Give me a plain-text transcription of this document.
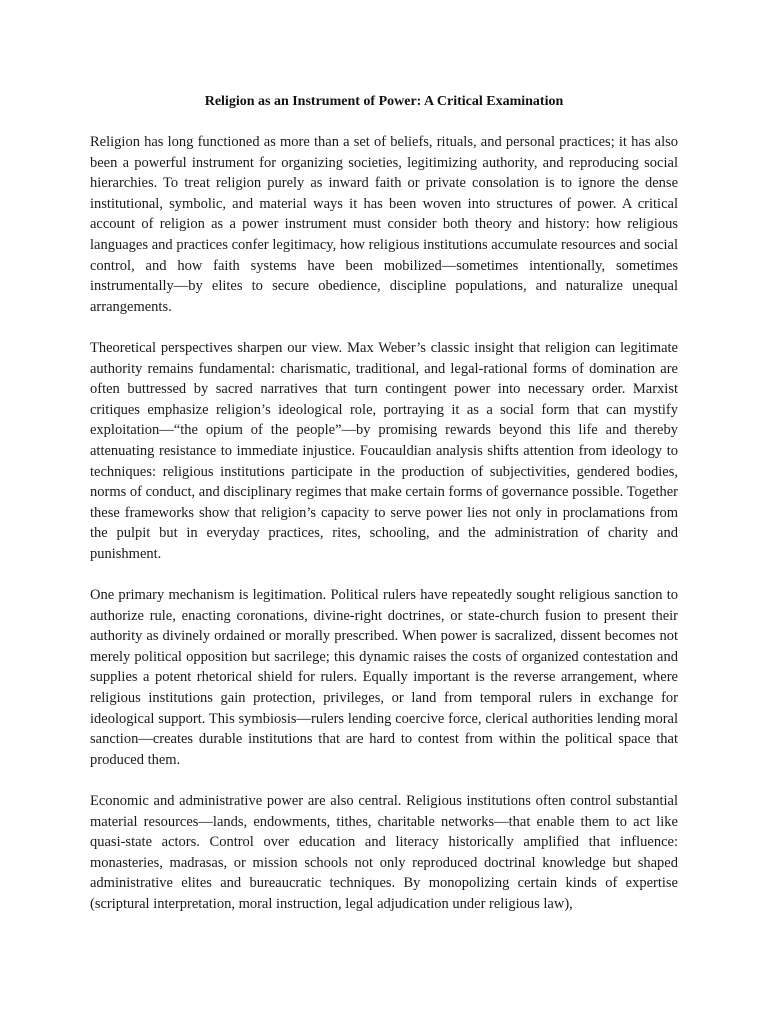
Religion as an Instrument of Power: A Critical Examination

Religion has long functioned as more than a set of beliefs, rituals, and personal practices; it has also been a powerful instrument for organizing societies, legitimizing authority, and reproducing social hierarchies. To treat religion purely as inward faith or private consolation is to ignore the dense institutional, symbolic, and material ways it has been woven into structures of power. A critical account of religion as a power instrument must consider both theory and history: how religious languages and practices confer legitimacy, how religious institutions accumulate resources and social control, and how faith systems have been mobilized—sometimes intentionally, sometimes instrumentally—by elites to secure obedience, discipline populations, and naturalize unequal arrangements.

Theoretical perspectives sharpen our view. Max Weber’s classic insight that religion can legitimate authority remains fundamental: charismatic, traditional, and legal-rational forms of domination are often buttressed by sacred narratives that turn contingent power into necessary order. Marxist critiques emphasize religion’s ideological role, portraying it as a social form that can mystify exploitation—“the opium of the people”—by promising rewards beyond this life and thereby attenuating resistance to immediate injustice. Foucauldian analysis shifts attention from ideology to techniques: religious institutions participate in the production of subjectivities, gendered bodies, norms of conduct, and disciplinary regimes that make certain forms of governance possible. Together these frameworks show that religion’s capacity to serve power lies not only in proclamations from the pulpit but in everyday practices, rites, schooling, and the administration of charity and punishment.

One primary mechanism is legitimation. Political rulers have repeatedly sought religious sanction to authorize rule, enacting coronations, divine-right doctrines, or state-church fusion to present their authority as divinely ordained or morally prescribed. When power is sacralized, dissent becomes not merely political opposition but sacrilege; this dynamic raises the costs of organized contestation and supplies a potent rhetorical shield for rulers. Equally important is the reverse arrangement, where religious institutions gain protection, privileges, or land from temporal rulers in exchange for ideological support. This symbiosis—rulers lending coercive force, clerical authorities lending moral sanction—creates durable institutions that are hard to contest from within the political space that produced them.

Economic and administrative power are also central. Religious institutions often control substantial material resources—lands, endowments, tithes, charitable networks—that enable them to act like quasi-state actors. Control over education and literacy historically amplified that influence: monasteries, madrasas, or mission schools not only reproduced doctrinal knowledge but shaped administrative elites and bureaucratic techniques. By monopolizing certain kinds of expertise (scriptural interpretation, moral instruction, legal adjudication under religious law),
